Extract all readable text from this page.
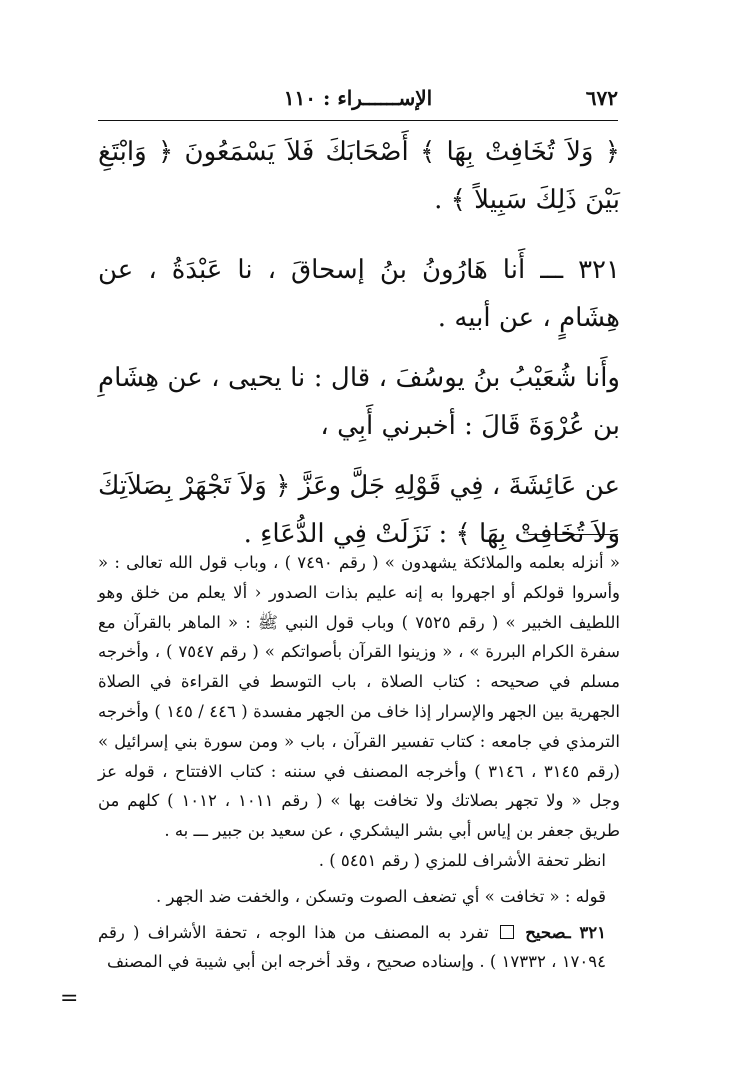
٦٧٢
الإســــــراء : ١١٠

﴿ وَلاَ تُخَافِتْ بِهَا ﴾ أَصْحَابَكَ فَلاَ يَسْمَعُونَ ﴿ وَابْتَغِ بَيْنَ ذَلِكَ سَبِيلاً ﴾ .

٣٢١ ـــ أَنا هَارُونُ بنُ إسحاقَ ، نا عَبْدَةُ ، عن هِشَامٍ ، عن أبيه .

وأَنا شُعَيْبُ بنُ يوسُفَ ، قال : نا يحيى ، عن هِشَامِ بن عُرْوَةَ قَالَ : أخبرني أَبِي ،

عن عَائِشَةَ ، فِي قَوْلِهِ جَلَّ وعَزَّ ﴿ وَلاَ تَجْهَرْ بِصَلاَتِكَ وَلاَ تُخَافِتْ بِهَا ﴾ : نَزَلَتْ فِي الدُّعَاءِ .

« أنزله بعلمه والملائكة يشهدون » ( رقم ٧٤٩٠ ) ، وباب قول الله تعالى : « وأسروا قولكم أو اجهروا به إنه عليم بذات الصدور ‹ ألا يعلم من خلق وهو اللطيف الخبير » ( رقم ٧٥٢٥ ) وباب قول النبي ﷺ : « الماهر بالقرآن مع سفرة الكرام البررة » ، « وزينوا القرآن بأصواتكم » ( رقم ٧٥٤٧ ) ، وأخرجه مسلم في صحيحه : كتاب الصلاة ، باب التوسط في القراءة في الصلاة الجهرية بين الجهر والإسرار إذا خاف من الجهر مفسدة ( ٤٤٦ / ١٤٥ ) وأخرجه الترمذي في جامعه : كتاب تفسير القرآن ، باب « ومن سورة بني إسرائيل » (رقم ٣١٤٥ ، ٣١٤٦ ) وأخرجه المصنف في سننه : كتاب الافتتاح ، قوله عز وجل « ولا تجهر بصلاتك ولا تخافت بها » ( رقم ١٠١١ ، ١٠١٢ ) كلهم من طريق جعفر بن إياس أبي بشر اليشكري ، عن سعيد بن جبير ـــ به .

انظر تحفة الأشراف للمزي ( رقم ٥٤٥١ ) .

قوله : « تخافت » أي تضعف الصوت وتسكن ، والخفت ضد الجهر .

٣٢١ ـصحيح  تفرد به المصنف من هذا الوجه ، تحفة الأشراف ( رقم ١٧٠٩٤ ، ١٧٣٣٢ ) . وإسناده صحيح ، وقد أخرجه ابن أبي شيبة في المصنف

=
